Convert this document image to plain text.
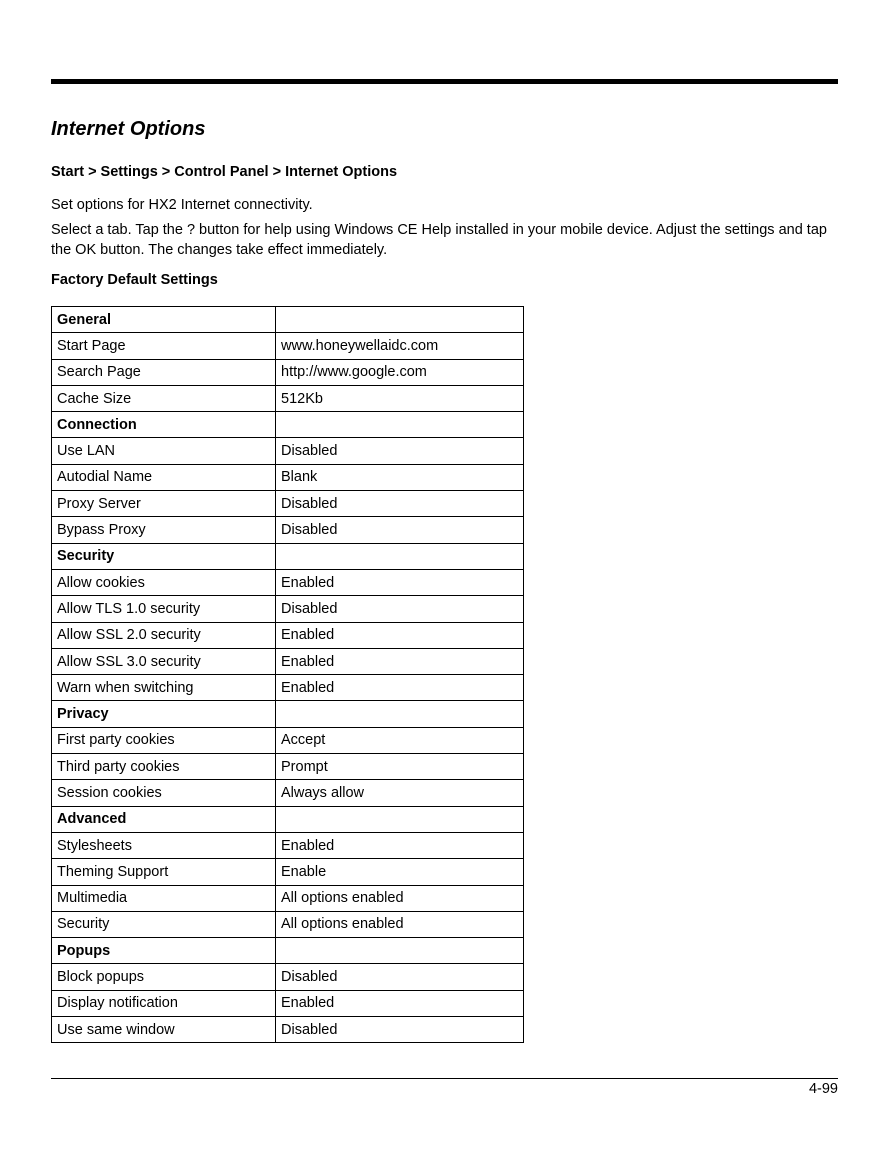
Internet Options
Start > Settings > Control Panel > Internet Options
Set options for HX2 Internet connectivity.

Select a tab. Tap the ? button for help using Windows CE Help installed in your mobile device. Adjust the settings and tap the OK button. The changes take effect immediately.

Factory Default Settings
General	
Start Page	www.honeywellaidc.com
Search Page	http://www.google.com
Cache Size	512Kb
Connection	
Use LAN	Disabled
Autodial Name	Blank
Proxy Server	Disabled
Bypass Proxy	Disabled
Security	
Allow cookies	Enabled
Allow TLS 1.0 security	Disabled
Allow SSL 2.0 security	Enabled
Allow SSL 3.0 security	Enabled
Warn when switching	Enabled
Privacy	
First party cookies	Accept
Third party cookies	Prompt
Session cookies	Always allow
Advanced	
Stylesheets	Enabled
Theming Support	Enable
Multimedia	All options enabled
Security	All options enabled
Popups	
Block popups	Disabled
Display notification	Enabled
Use same window	Disabled
4-99
